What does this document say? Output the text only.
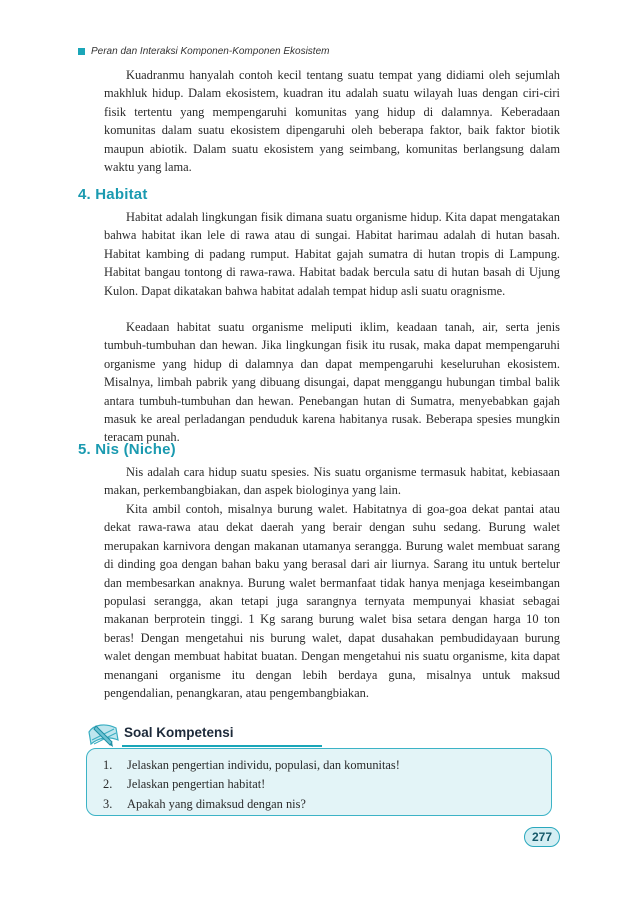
Peran dan Interaksi Komponen-Komponen Ekosistem

Kuadranmu hanyalah contoh kecil tentang suatu tempat yang didiami oleh sejumlah makhluk hidup. Dalam ekosistem, kuadran itu adalah suatu wilayah luas dengan ciri-ciri fisik tertentu yang mempengaruhi komunitas yang hidup di dalamnya. Keberadaan komunitas dalam suatu ekosistem dipengaruhi oleh beberapa faktor, baik faktor biotik maupun abiotik. Dalam suatu ekosistem yang seimbang, komunitas berlangsung dalam waktu yang lama.

4. Habitat

Habitat adalah lingkungan fisik dimana suatu organisme hidup. Kita dapat mengatakan bahwa habitat ikan lele di rawa atau di sungai. Habitat harimau adalah di hutan basah. Habitat kambing di padang rumput. Habitat gajah sumatra di hutan tropis di Lampung. Habitat bangau tontong di rawa-rawa. Habitat badak bercula satu di hutan basah di Ujung Kulon. Dapat dikatakan bahwa habitat adalah tempat hidup asli suatu oragnisme.

Keadaan habitat suatu organisme meliputi iklim, keadaan tanah, air, serta jenis tumbuh-tumbuhan dan hewan. Jika lingkungan fisik itu rusak, maka dapat mempengaruhi organisme yang hidup di dalamnya dan dapat mempengaruhi keseluruhan ekosistem. Misalnya, limbah pabrik yang dibuang disungai, dapat menggangu hubungan timbal balik antara tumbuh-tumbuhan dan hewan. Penebangan hutan di Sumatra, menyebabkan gajah masuk ke areal perladangan penduduk karena habitanya rusak. Beberapa spesies mungkin teracam punah.

5. Nis (Niche)

Nis adalah cara hidup suatu spesies. Nis suatu organisme termasuk habitat, kebiasaan makan, perkembangbiakan, dan aspek biologinya yang lain.

Kita ambil contoh, misalnya burung walet. Habitatnya di goa-goa dekat pantai atau dekat rawa-rawa atau dekat daerah yang berair dengan suhu sedang. Burung walet merupakan karnivora dengan makanan utamanya serangga. Burung walet membuat sarang di dinding goa dengan bahan baku yang berasal dari air liurnya. Sarang itu untuk bertelur dan membesarkan anaknya. Burung walet bermanfaat tidak hanya menjaga keseimbangan populasi serangga, akan tetapi juga sarangnya ternyata mempunyai khasiat sebagai makanan berprotein tinggi. 1 Kg sarang burung walet bisa setara dengan harga 10 ton beras! Dengan mengetahui nis burung walet, dapat dusahakan pembudidayaan burung walet dengan membuat habitat buatan. Dengan mengetahui nis suatu organisme, kita dapat menangani organisme itu dengan lebih berdaya guna, misalnya untuk maksud pengendalian, penangkaran, atau pengembangbiakan.

Soal Kompetensi
1.	Jelaskan pengertian individu, populasi, dan komunitas!
2.	Jelaskan pengertian habitat!
3.	Apakah yang dimaksud dengan nis?
277
